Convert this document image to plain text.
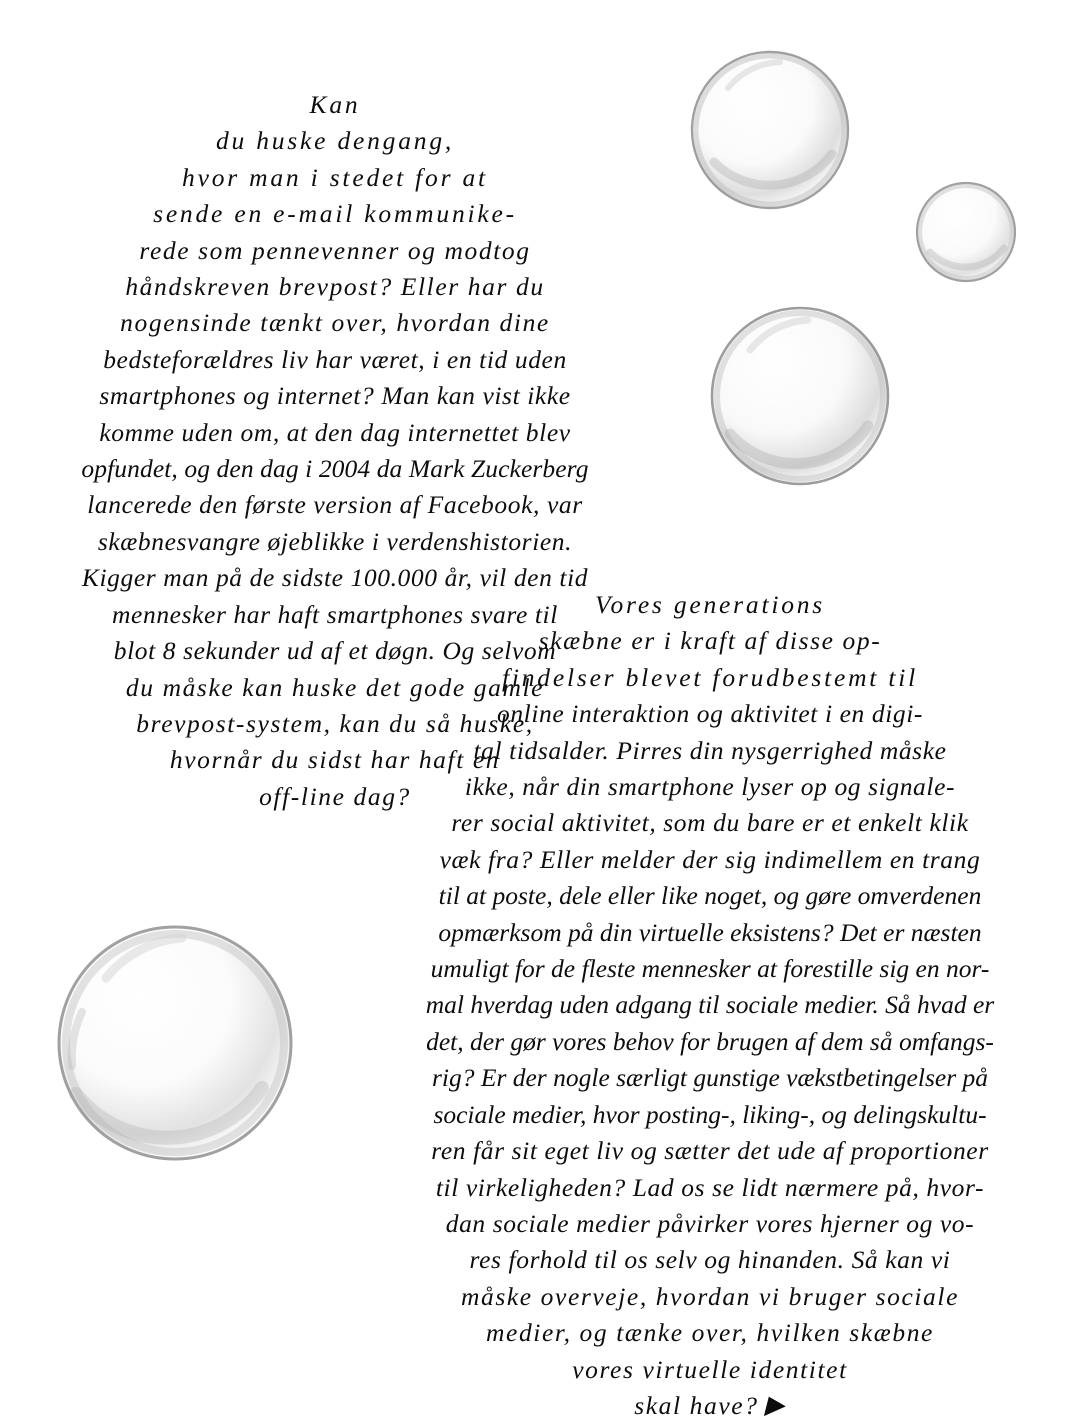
Kan
du huske dengang,
hvor man i stedet for at
sende en e-mail kommunike-
rede som pennevenner og modtog
håndskreven brevpost? Eller har du
nogensinde tænkt over, hvordan dine
bedsteforældres liv har været, i en tid uden
smartphones og internet? Man kan vist ikke
komme uden om, at den dag internettet blev
opfundet, og den dag i 2004 da Mark Zuckerberg
lancerede den første version af Facebook, var
skæbnesvangre øjeblikke i verdenshistorien.
Kigger man på de sidste 100.000 år, vil den tid
mennesker har haft smartphones svare til
blot 8 sekunder ud af et døgn. Og selvom
du måske kan huske det gode gamle
brevpost-system, kan du så huske,
hvornår du sidst har haft en
off-line dag?
Vores generations
skæbne er i kraft af disse op-
findelser blevet forudbestemt til
online interaktion og aktivitet i en digi-
tal tidsalder. Pirres din nysgerrighed måske
ikke, når din smartphone lyser op og signale-
rer social aktivitet, som du bare er et enkelt klik
væk fra? Eller melder der sig indimellem en trang
til at poste, dele eller like noget, og gøre omverdenen
opmærksom på din virtuelle eksistens? Det er næsten
umuligt for de fleste mennesker at forestille sig en nor-
mal hverdag uden adgang til sociale medier. Så hvad er
det, der gør vores behov for brugen af dem så omfangs-
rig? Er der nogle særligt gunstige vækstbetingelser på
sociale medier, hvor posting-, liking-, og delingskultu-
ren får sit eget liv og sætter det ude af proportioner
til virkeligheden? Lad os se lidt nærmere på, hvor-
dan sociale medier påvirker vores hjerner og vo-
res forhold til os selv og hinanden. Så kan vi
måske overveje, hvordan vi bruger sociale
medier, og tænke over, hvilken skæbne
vores virtuelle identitet
skal have? ▶
